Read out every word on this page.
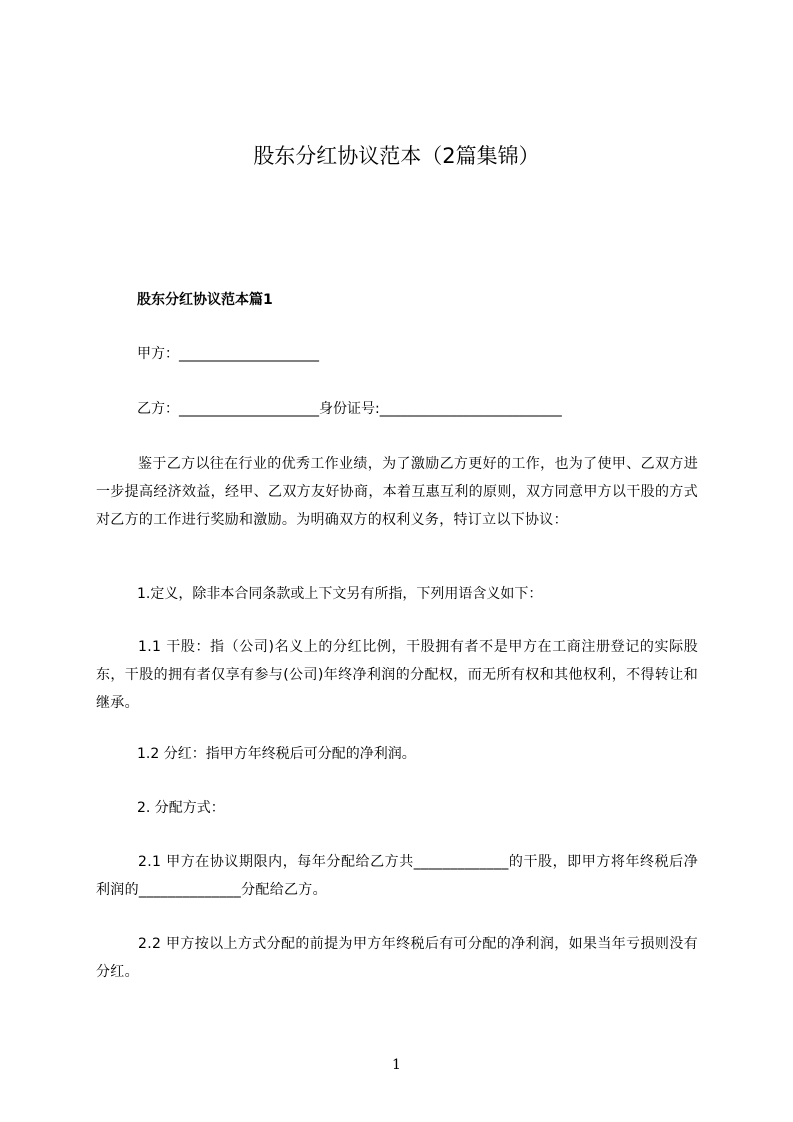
股东分红协议范本（2篇集锦）
股东分红协议范本篇1
甲方：____________________
乙方：____________________身份证号:__________________________
鉴于乙方以往在行业的优秀工作业绩，为了激励乙方更好的工作，也为了使甲、乙双方进一步提高经济效益，经甲、乙双方友好协商，本着互惠互利的原则，双方同意甲方以干股的方式对乙方的工作进行奖励和激励。为明确双方的权利义务，特订立以下协议：
1.定义，除非本合同条款或上下文另有所指，下列用语含义如下：
1.1 干股：指（公司)名义上的分红比例，干股拥有者不是甲方在工商注册登记的实际股东，干股的拥有者仅享有参与(公司)年终净利润的分配权，而无所有权和其他权利，不得转让和继承。
1.2 分红：指甲方年终税后可分配的净利润。
2. 分配方式：
2.1 甲方在协议期限内，每年分配给乙方共_____________的干股，即甲方将年终税后净利润的______________分配给乙方。
2.2 甲方按以上方式分配的前提为甲方年终税后有可分配的净利润，如果当年亏损则没有分红。
1
